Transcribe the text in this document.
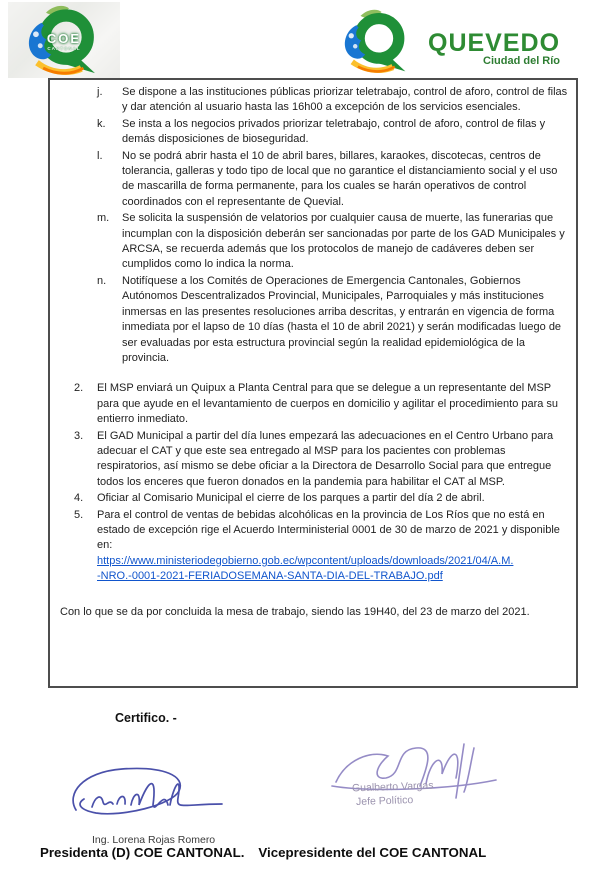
COE
CANTONAL	QUEVEDO
Ciudad del Río
j.	Se dispone a las instituciones públicas priorizar teletrabajo, control de aforo, control de filas y dar atención al usuario hasta las 16h00 a excepción de los servicios esenciales.
k.	Se insta a los negocios privados priorizar teletrabajo, control de aforo, control de filas y demás disposiciones de bioseguridad.
l.	No se podrá abrir hasta el 10 de abril bares, billares, karaokes, discotecas, centros de tolerancia, galleras y todo tipo de local que no garantice el distanciamiento social y el uso de mascarilla de forma permanente, para los cuales se harán operativos de control coordinados con el representante de Quevial.
m.	Se solicita la suspensión de velatorios por cualquier causa de muerte, las funerarias que incumplan con la disposición deberán ser sancionadas por parte de los GAD Municipales y ARCSA, se recuerda además que los protocolos de manejo de cadáveres deben ser cumplidos como lo indica la norma.
n.	Notifíquese a los Comités de Operaciones de Emergencia Cantonales, Gobiernos Autónomos Descentralizados Provincial, Municipales, Parroquiales y más instituciones inmersas en las presentes resoluciones arriba descritas, y entrarán en vigencia de forma inmediata por el lapso de 10 días (hasta el 10 de abril 2021) y serán modificadas luego de ser evaluadas por esta estructura provincial según la realidad epidemiológica de la provincia.
2.	El MSP enviará un Quipux a Planta Central para que se delegue a un representante del MSP para que ayude en el levantamiento de cuerpos en domicilio y agilitar el procedimiento para su entierro inmediato.
3.	El GAD Municipal a partir del día lunes empezará las adecuaciones en el Centro Urbano para adecuar el CAT y que este sea entregado al MSP para los pacientes con problemas respiratorios, así mismo se debe oficiar a la Directora de Desarrollo Social para que entregue todos los enceres que fueron donados en la pandemia para habilitar el CAT al MSP.
4.	Oficiar al Comisario Municipal el cierre de los parques a partir del día 2 de abril.
5.	Para el control de ventas de bebidas alcohólicas en la provincia de Los Ríos que no está en estado de excepción rige el Acuerdo Interministerial 0001 de 30 de marzo de 2021 y disponible en:
https://www.ministeriodegobierno.gob.ec/wpcontent/uploads/downloads/2021/04/A.M.
-NRO.-0001-2021-FERIADOSEMANA-SANTA-DIA-DEL-TRABAJO.pdf
Con lo que se da por concluida la mesa de trabajo, siendo las 19H40, del 23 de marzo del 2021.
Certifico. -
Ing. Lorena Rojas Romero
Gualberto Vargas
Jefe Político
Presidenta (D) COE CANTONAL. Vicepresidente del COE CANTONAL
